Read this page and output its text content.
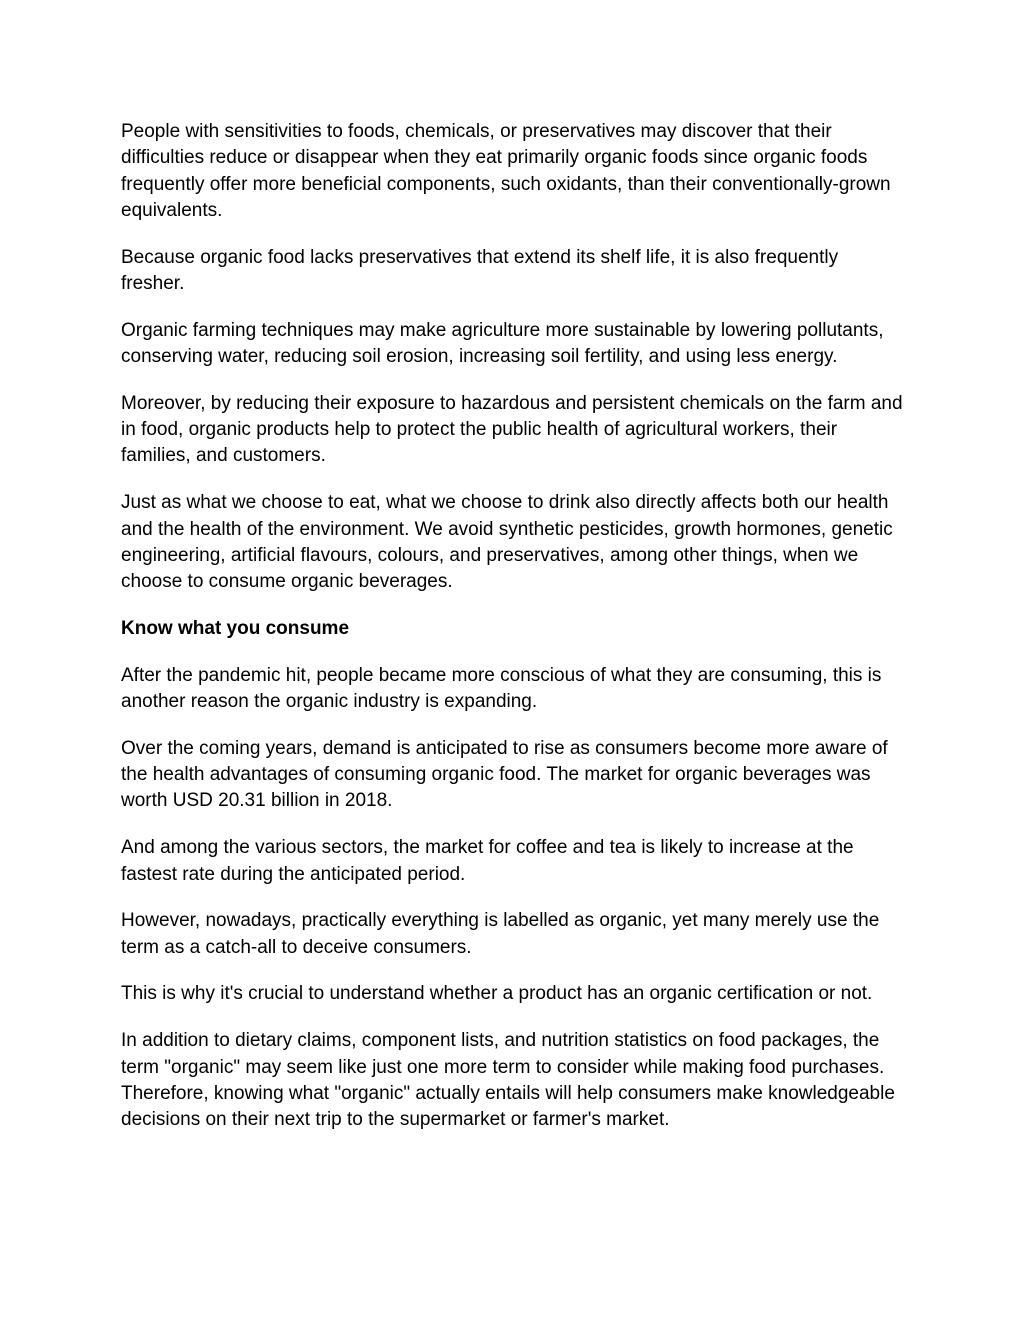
People with sensitivities to foods, chemicals, or preservatives may discover that their difficulties reduce or disappear when they eat primarily organic foods since organic foods frequently offer more beneficial components, such oxidants, than their conventionally-grown equivalents.

Because organic food lacks preservatives that extend its shelf life, it is also frequently fresher.

Organic farming techniques may make agriculture more sustainable by lowering pollutants, conserving water, reducing soil erosion, increasing soil fertility, and using less energy.

Moreover, by reducing their exposure to hazardous and persistent chemicals on the farm and in food, organic products help to protect the public health of agricultural workers, their families, and customers.

Just as what we choose to eat, what we choose to drink also directly affects both our health and the health of the environment. We avoid synthetic pesticides, growth hormones, genetic engineering, artificial flavours, colours, and preservatives, among other things, when we choose to consume organic beverages.

Know what you consume

After the pandemic hit, people became more conscious of what they are consuming, this is another reason the organic industry is expanding.

Over the coming years, demand is anticipated to rise as consumers become more aware of the health advantages of consuming organic food. The market for organic beverages was worth USD 20.31 billion in 2018.

And among the various sectors, the market for coffee and tea is likely to increase at the fastest rate during the anticipated period.

However, nowadays, practically everything is labelled as organic, yet many merely use the term as a catch-all to deceive consumers.

This is why it's crucial to understand whether a product has an organic certification or not.

In addition to dietary claims, component lists, and nutrition statistics on food packages, the term "organic" may seem like just one more term to consider while making food purchases. Therefore, knowing what "organic" actually entails will help consumers make knowledgeable decisions on their next trip to the supermarket or farmer's market.
